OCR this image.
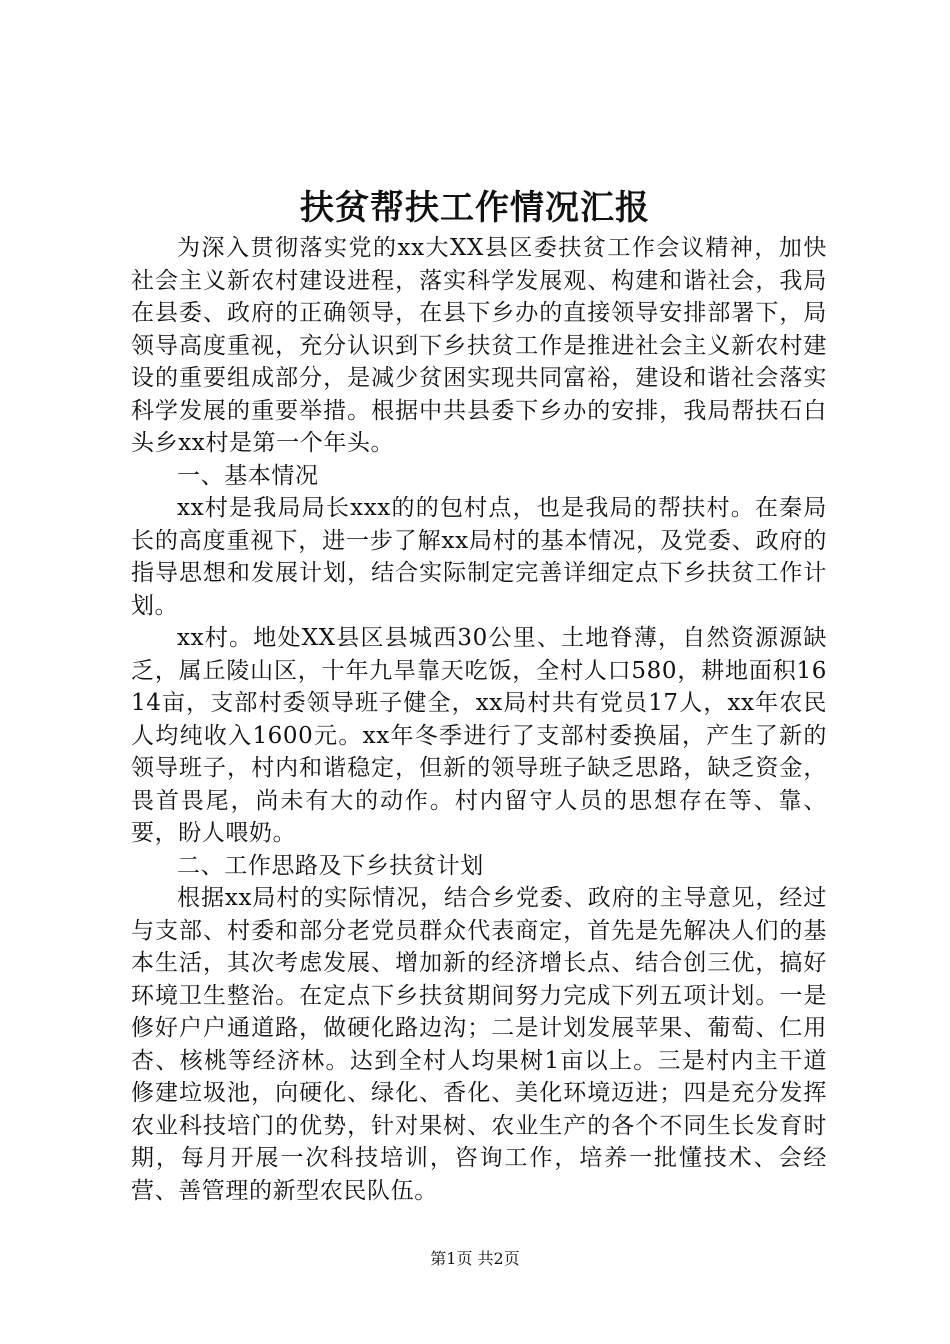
扶贫帮扶工作情况汇报

为深入贯彻落实党的xx大XX县区委扶贫工作会议精神，加快社会主义新农村建设进程，落实科学发展观、构建和谐社会，我局在县委、政府的正确领导，在县下乡办的直接领导安排部署下，局领导高度重视，充分认识到下乡扶贫工作是推进社会主义新农村建设的重要组成部分，是减少贫困实现共同富裕，建设和谐社会落实科学发展的重要举措。根据中共县委下乡办的安排，我局帮扶石白头乡xx村是第一个年头。

一、基本情况

xx村是我局局长xxx的的包村点，也是我局的帮扶村。在秦局长的高度重视下，进一步了解xx局村的基本情况，及党委、政府的指导思想和发展计划，结合实际制定完善详细定点下乡扶贫工作计划。

xx村。地处XX县区县城西30公里、土地脊薄，自然资源源缺乏，属丘陵山区，十年九旱靠天吃饭，全村人口580，耕地面积1614亩，支部村委领导班子健全，xx局村共有党员17人，xx年农民人均纯收入1600元。xx年冬季进行了支部村委换届，产生了新的领导班子，村内和谐稳定，但新的领导班子缺乏思路，缺乏资金，畏首畏尾，尚未有大的动作。村内留守人员的思想存在等、靠、要，盼人喂奶。

二、工作思路及下乡扶贫计划

根据xx局村的实际情况，结合乡党委、政府的主导意见，经过与支部、村委和部分老党员群众代表商定，首先是先解决人们的基本生活，其次考虑发展、增加新的经济增长点、结合创三优，搞好环境卫生整治。在定点下乡扶贫期间努力完成下列五项计划。一是修好户户通道路，做硬化路边沟；二是计划发展苹果、葡萄、仁用杏、核桃等经济林。达到全村人均果树1亩以上。三是村内主干道修建垃圾池，向硬化、绿化、香化、美化环境迈进；四是充分发挥农业科技培门的优势，针对果树、农业生产的各个不同生长发育时期，每月开展一次科技培训，咨询工作，培养一批懂技术、会经营、善管理的新型农民队伍。

第1页 共2页
